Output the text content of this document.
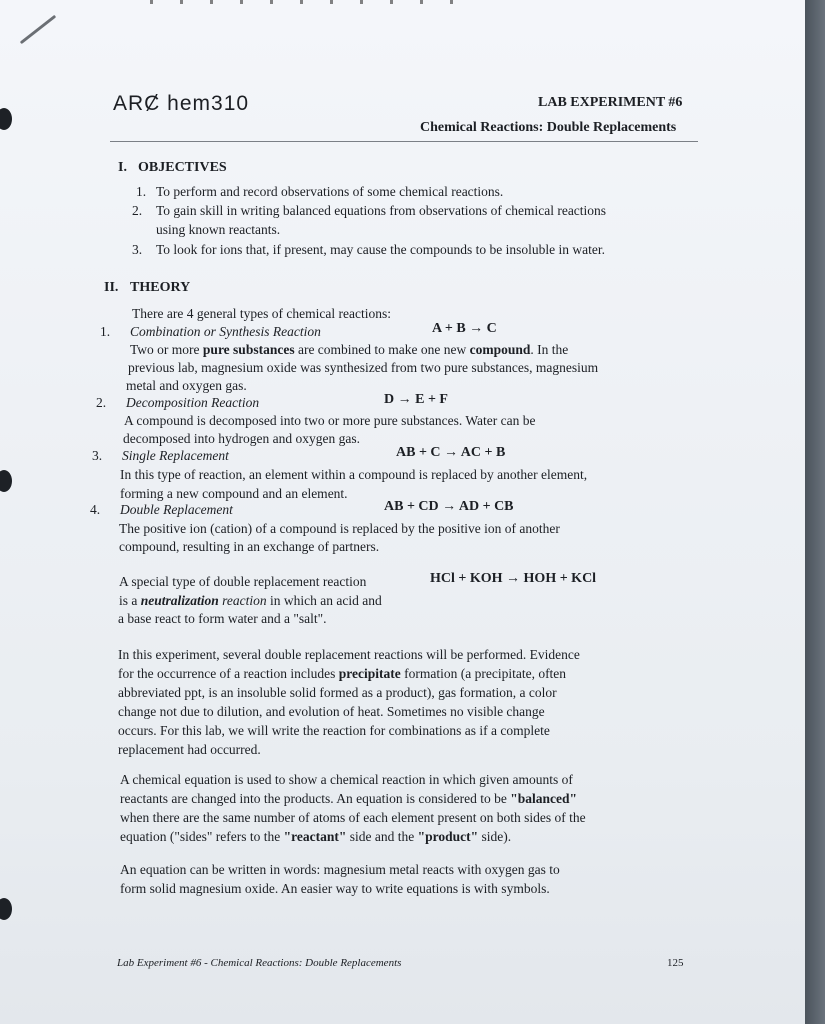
ARȻ hem310	LAB EXPERIMENT #6
Chemical Reactions: Double Replacements
I. OBJECTIVES
1. To perform and record observations of some chemical reactions.
2. To gain skill in writing balanced equations from observations of chemical reactions
using known reactants.
3. To look for ions that, if present, may cause the compounds to be insoluble in water.
II. THEORY
There are 4 general types of chemical reactions:
1. Combination or Synthesis Reaction	A + B → C
Two or more pure substances are combined to make one new compound. In the
previous lab, magnesium oxide was synthesized from two pure substances, magnesium
metal and oxygen gas.
2. Decomposition Reaction	D → E + F
A compound is decomposed into two or more pure substances. Water can be
decomposed into hydrogen and oxygen gas.
3. Single Replacement	AB + C → AC + B
In this type of reaction, an element within a compound is replaced by another element,
forming a new compound and an element.
4. Double Replacement	AB + CD → AD + CB
The positive ion (cation) of a compound is replaced by the positive ion of another
compound, resulting in an exchange of partners.
A special type of double replacement reaction	HCl + KOH → HOH + KCl
is a neutralization reaction in which an acid and
a base react to form water and a "salt".
In this experiment, several double replacement reactions will be performed. Evidence
for the occurrence of a reaction includes precipitate formation (a precipitate, often
abbreviated ppt, is an insoluble solid formed as a product), gas formation, a color
change not due to dilution, and evolution of heat. Sometimes no visible change
occurs. For this lab, we will write the reaction for combinations as if a complete
replacement had occurred.
A chemical equation is used to show a chemical reaction in which given amounts of
reactants are changed into the products. An equation is considered to be "balanced"
when there are the same number of atoms of each element present on both sides of the
equation ("sides" refers to the "reactant" side and the "product" side).
An equation can be written in words: magnesium metal reacts with oxygen gas to
form solid magnesium oxide. An easier way to write equations is with symbols.
Lab Experiment #6 - Chemical Reactions: Double Replacements	125
